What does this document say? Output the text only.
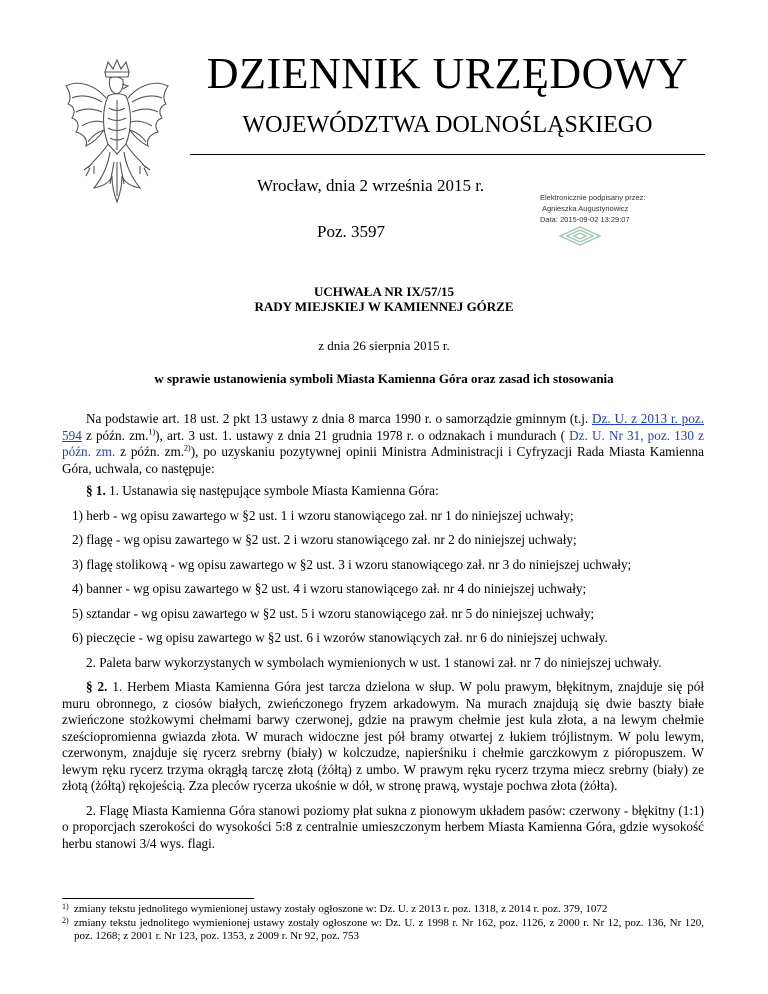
DZIENNIK URZĘDOWY
WOJEWÓDZTWA DOLNOŚLĄSKIEGO
Wrocław, dnia 2 września 2015 r.
Poz. 3597
Elektronicznie podpisany przez:
Agnieszka Augustynowicz
Data: 2015-09-02 13:29:07
UCHWAŁA NR IX/57/15
RADY MIEJSKIEJ W KAMIENNEJ GÓRZE
z dnia 26 sierpnia 2015 r.
w sprawie ustanowienia symboli Miasta Kamienna Góra oraz zasad ich stosowania

Na podstawie art. 18 ust. 2 pkt 13 ustawy z dnia 8 marca 1990 r. o samorządzie gminnym (t.j. Dz. U. z 2013 r. poz. 594 z późn. zm.$^{1)}$), art. 3 ust. 1. ustawy z dnia 21 grudnia 1978 r. o odznakach i mundurach ( Dz. U. Nr 31, poz. 130 z późn. zm. z późn. zm.$^{2)}$), po uzyskaniu pozytywnej opinii Ministra Administracji i Cyfryzacji Rada Miasta Kamienna Góra, uchwala, co następuje:

§ 1. 1. Ustanawia się następujące symbole Miasta Kamienna Góra:

1) herb - wg opisu zawartego w §2 ust. 1 i wzoru stanowiącego zał. nr 1 do niniejszej uchwały;

2) flagę - wg opisu zawartego w §2 ust. 2 i wzoru stanowiącego zał. nr 2 do niniejszej uchwały;

3) flagę stolikową - wg opisu zawartego w §2 ust. 3 i wzoru stanowiącego zał. nr 3 do niniejszej uchwały;

4) banner - wg opisu zawartego w §2 ust. 4 i wzoru stanowiącego zał. nr 4 do niniejszej uchwały;

5) sztandar - wg opisu zawartego w §2 ust. 5 i wzoru stanowiącego zał. nr 5 do niniejszej uchwały;

6) pieczęcie - wg opisu zawartego w §2 ust. 6 i wzorów stanowiących zał. nr 6 do niniejszej uchwały.

2. Paleta barw wykorzystanych w symbolach wymienionych w ust. 1 stanowi zał. nr 7 do niniejszej uchwały.

§ 2. 1. Herbem Miasta Kamienna Góra jest tarcza dzielona w słup. W polu prawym, błękitnym, znajduje się pół muru obronnego, z ciosów białych, zwieńczonego fryzem arkadowym. Na murach znajdują się dwie baszty białe zwieńczone stożkowymi chełmami barwy czerwonej, gdzie na prawym chełmie jest kula złota, a na lewym chełmie sześciopromienna gwiazda złota. W murach widoczne jest pół bramy otwartej z łukiem trójlistnym. W polu lewym, czerwonym, znajduje się rycerz srebrny (biały) w kolczudze, napierśniku i chełmie garczkowym z pióropuszem. W lewym ręku rycerz trzyma okrągłą tarczę złotą (żółtą) z umbo. W prawym ręku rycerz trzyma miecz srebrny (biały) ze złotą (żółtą) rękojeścią. Zza pleców rycerza ukośnie w dół, w stronę prawą, wystaje pochwa złota (żółta).

2. Flagę Miasta Kamienna Góra stanowi poziomy płat sukna z pionowym układem pasów: czerwony - błękitny (1:1) o proporcjach szerokości do wysokości 5:8 z centralnie umieszczonym herbem Miasta Kamienna Góra, gdzie wysokość herbu stanowi 3/4 wys. flagi.

1) zmiany tekstu jednolitego wymienionej ustawy zostały ogłoszone w: Dz. U. z 2013 r. poz. 1318, z 2014 r. poz. 379, 1072
2) zmiany tekstu jednolitego wymienionej ustawy zostały ogłoszone w: Dz. U. z 1998 r. Nr 162, poz. 1126, z 2000 r. Nr 12, poz. 136, Nr 120, poz. 1268; z 2001 r. Nr 123, poz. 1353, z 2009 r. Nr 92, poz. 753
